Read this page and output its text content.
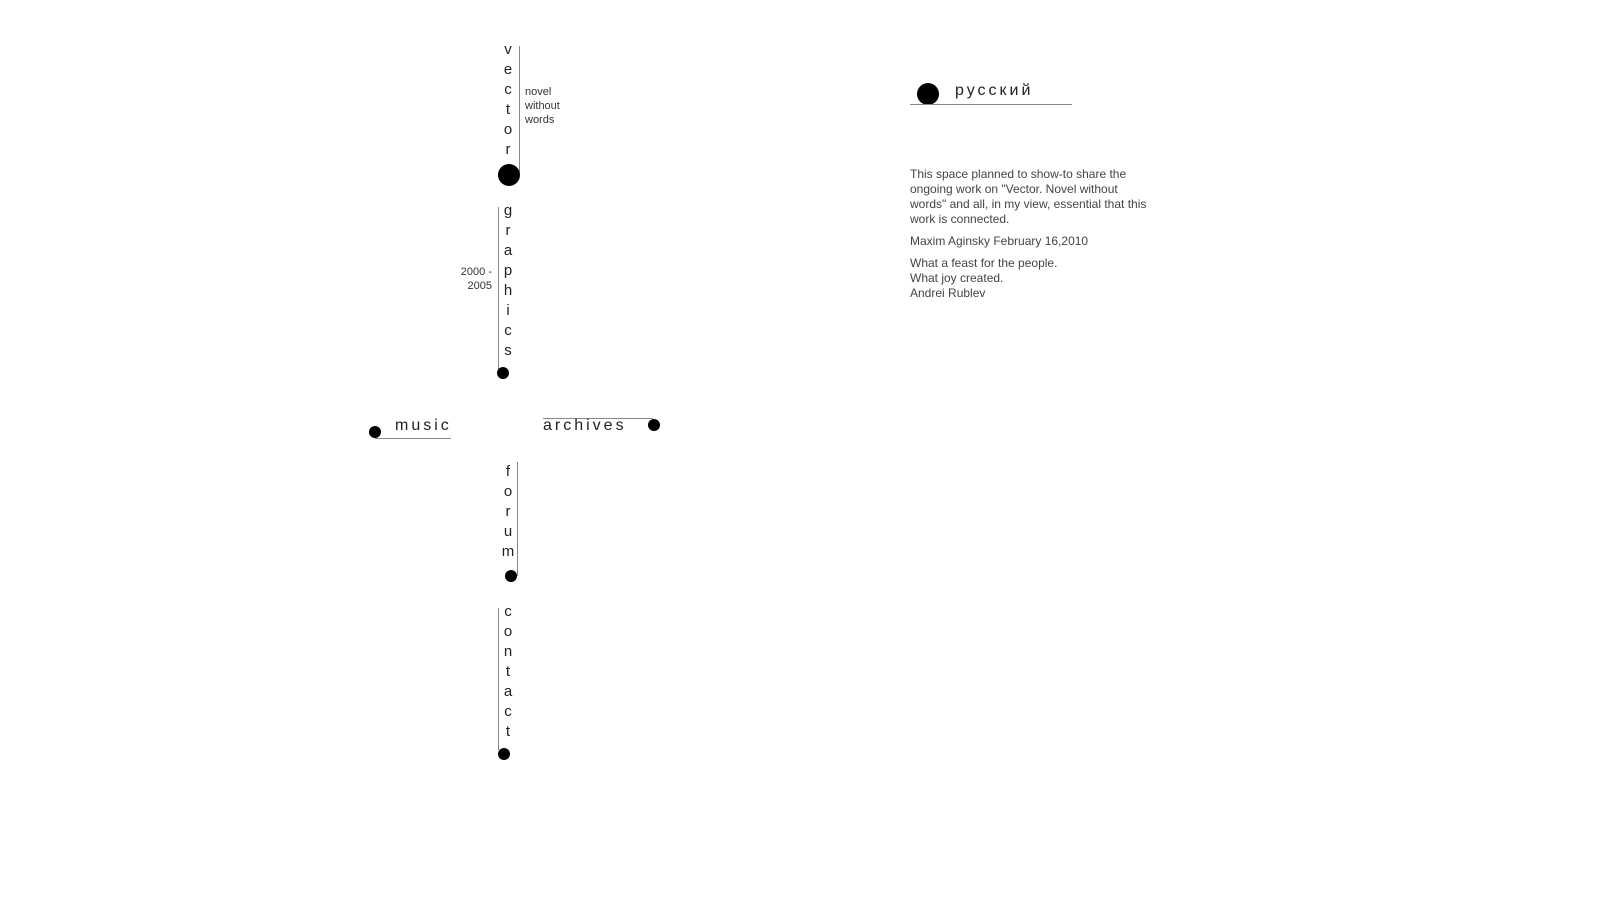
v
e
c
t
o
r
novel
without
words
g
r
a
p
h
i
c
s
2000 -
2005
music	archives
f
o
r
u
m
c
o
n
t
a
c
t
русский

This space planned to show-to share the ongoing work on "Vector. Novel without words" and all, in my view, essential that this work is connected.

Maxim Aginsky February 16,2010

What a feast for the people.
What joy created.
Andrei Rublev
